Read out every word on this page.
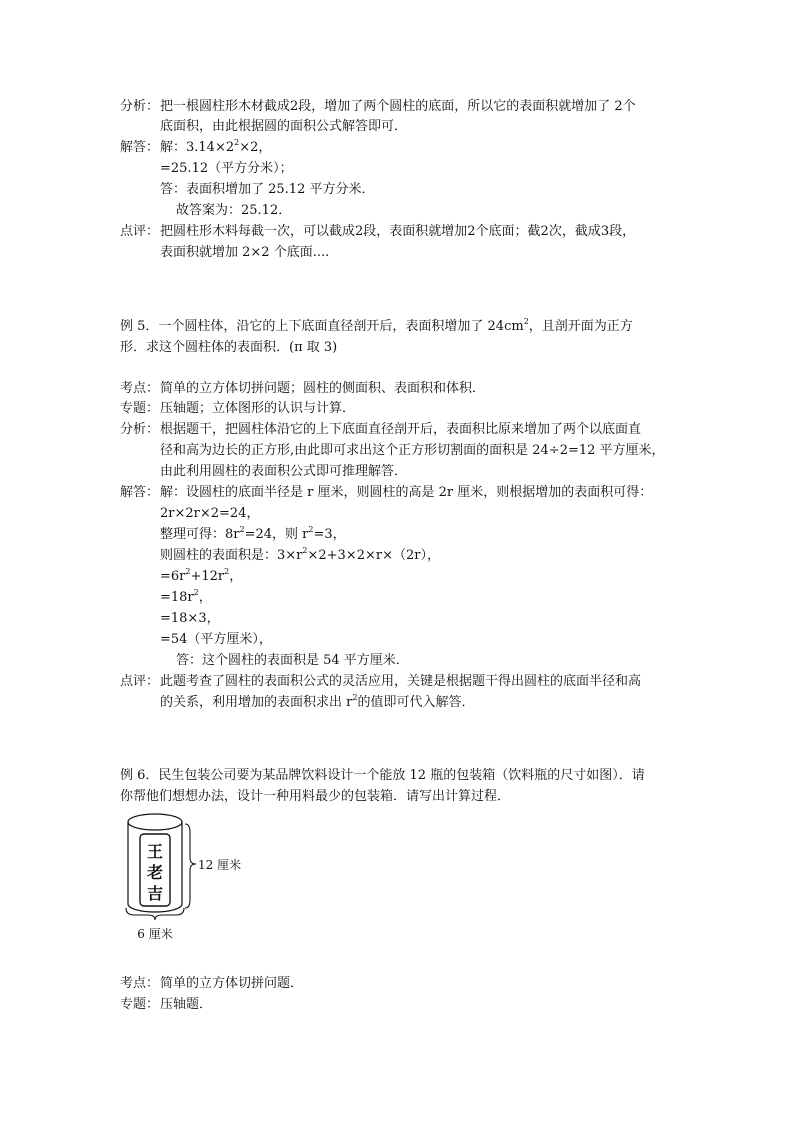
分析：把一根圆柱形木材截成2段，增加了两个圆柱的底面，所以它的表面积就增加了 2个
底面积，由此根据圆的面积公式解答即可．
解答：解：$3.14\times 2^2\times 2$，
=25.12（平方分米）；
答：表面积增加了 25.12 平方分米．
故答案为：25.12．
点评：把圆柱形木料每截一次，可以截成2段，表面积就增加2个底面；截2次，截成3段，
表面积就增加 2×2 个底面....
例 5．一个圆柱体，沿它的上下底面直径剖开后，表面积增加了 $24cm^2$，且剖开面为正方
形．求这个圆柱体的表面积．(π 取 3)
考点：简单的立方体切拼问题；圆柱的侧面积、表面积和体积．
专题：压轴题；立体图形的认识与计算．
分析：根据题干，把圆柱体沿它的上下底面直径剖开后，表面积比原来增加了两个以底面直
径和高为边长的正方形,由此即可求出这个正方形切割面的面积是 24÷2=12 平方厘米，
由此利用圆柱的表面积公式即可推理解答．
解答：解：设圆柱的底面半径是 r 厘米，则圆柱的高是 2r 厘米，则根据增加的表面积可得：
2r×2r×2=24，
整理可得：$8r^2=24$，则 $r^2=3$，
则圆柱的表面积是：$3\times r^2\times 2+3\times 2\times r\times(2r)$，
$=6r^2+12r^2$，
$=18r^2$，
=18×3，
=54（平方厘米），
答：这个圆柱的表面积是 54 平方厘米．
点评：此题考查了圆柱的表面积公式的灵活应用，关键是根据题干得出圆柱的底面半径和高
的关系，利用增加的表面积求出 $r^2$的值即可代入解答．
例 6．民生包装公司要为某品牌饮料设计一个能放 12 瓶的包装箱（饮料瓶的尺寸如图）．请
你帮他们想想办法，设计一种用料最少的包装箱．请写出计算过程．
王
老
吉
12 厘米
6 厘米
考点：简单的立方体切拼问题．
专题：压轴题．
